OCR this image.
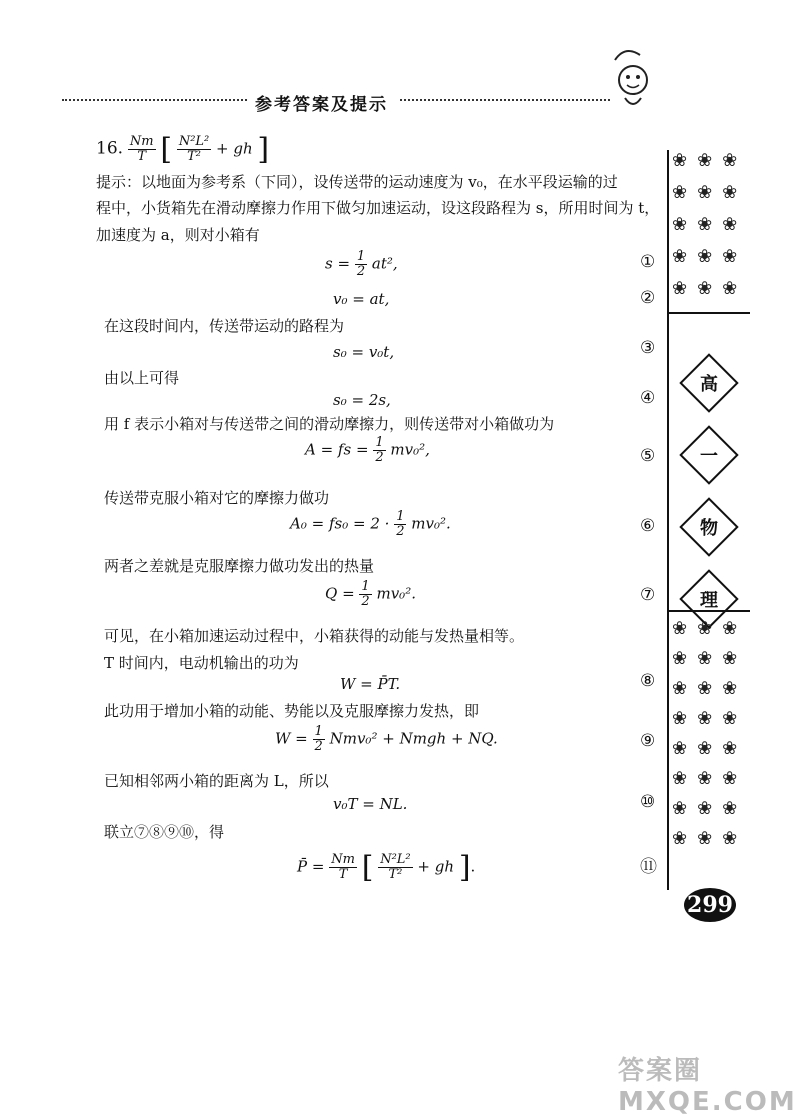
参考答案及提示
16. $\frac{Nm}{T}$ [ $\frac{\text{N²L²}}{\text{T²}}$ + gh ]
提示：以地面为参考系（下同），设传送带的运动速度为 v₀，在水平段运输的过
程中，小货箱先在滑动摩擦力作用下做匀加速运动，设这段路程为 s，所用时间为 t，
加速度为 a，则对小箱有
$s = \frac{1}{2} at^2$,
v₀ = at,
在这段时间内，传送带运动的路程为
s₀ = v₀t,
由以上可得
s₀ = 2s,
用 f 表示小箱对与传送带之间的滑动摩擦力，则传送带对小箱做功为
A = fs = $\frac{1}{2} mv_0^2$,
传送带克服小箱对它的摩擦力做功
$A_0 = fs_0 = 2 \cdot \frac{1}{2} mv_0^2$.
两者之差就是克服摩擦力做功发出的热量
$Q = \frac{1}{2} mv_0^2$.
可见，在小箱加速运动过程中，小箱获得的动能与发热量相等。
T 时间内，电动机输出的功为
W = P̄T.
此功用于增加小箱的动能、势能以及克服摩擦力发热，即
$W = \frac{1}{2} Nmv_0^2$ + Nmgh + NQ.
已知相邻两小箱的距离为 L，所以
v₀T = NL.
联立⑦⑧⑨⑩，得
P̄ = $\frac{Nm}{T}$ [ $\frac{\text{N²L²}}{\text{T²}}$ + gh ].
①
②
③
④
⑤
⑥
⑦
⑧
⑨
⑩
⑪
❀❀❀
❀❀❀
❀❀❀
❀❀❀
❀❀❀
高
一
物
理
❀❀❀
❀❀❀
❀❀❀
❀❀❀
❀❀❀
❀❀❀
❀❀❀
❀❀❀
299
答案圈 MXQE.COM
